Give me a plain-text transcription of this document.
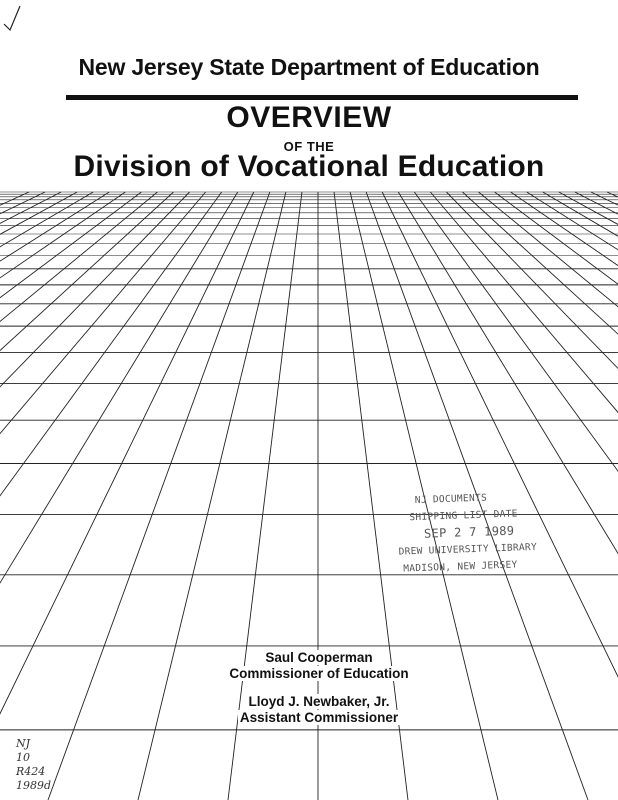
New Jersey State Department of Education
OVERVIEW
OF THE
Division of Vocational Education
NJ DOCUMENTS
SHIPPING LIST DATE
SEP 2 7 1989
DREW UNIVERSITY LIBRARY
MADISON, NEW JERSEY
Saul Cooperman
Commissioner of Education
Lloyd J. Newbaker, Jr.
Assistant Commissioner
NJ
10
R424
1989d
